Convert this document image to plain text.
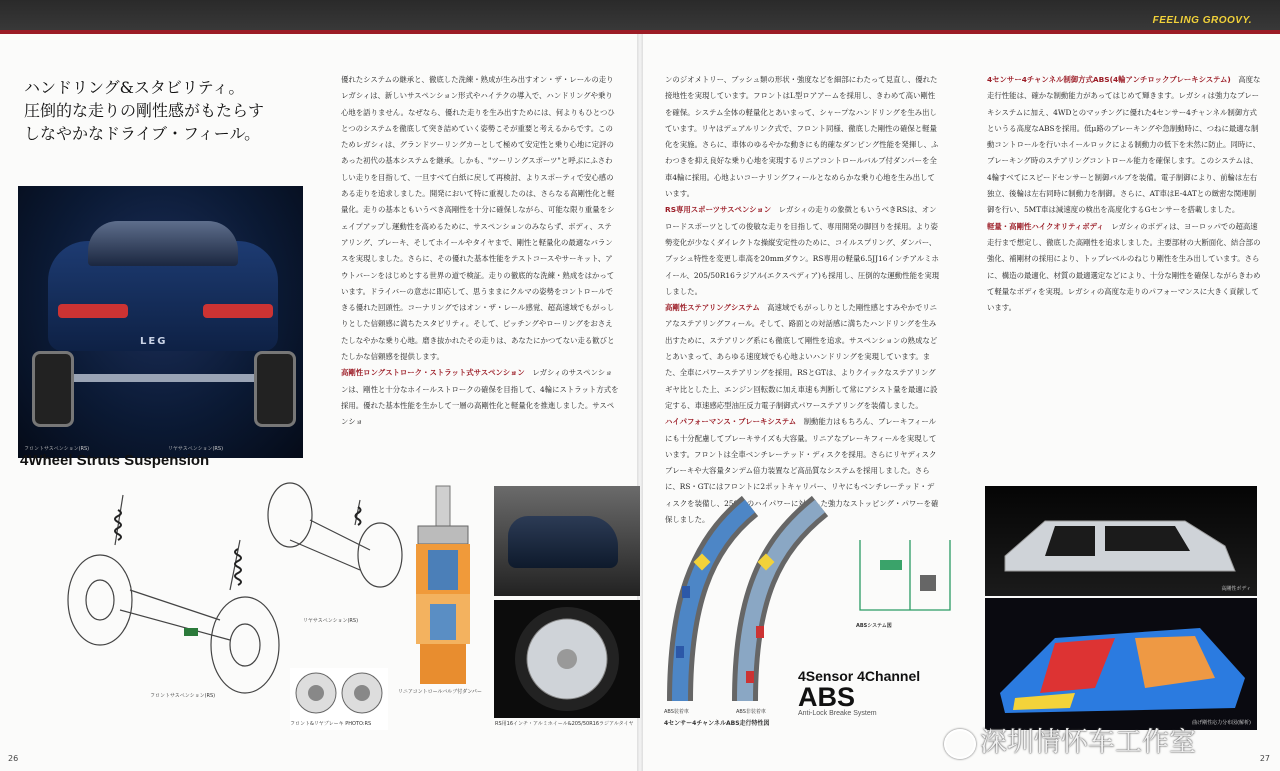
FEELING GROOVY.
ハンドリング&スタビリティ。
圧倒的な走りの剛性感がもたらす
しなやかなドライブ・フィール。
LEG
フロントサスペンション(RS)	リヤサスペンション(RS)
4Wheel Struts Suspension

優れたシステムの継承と、徹底した洗練・熟成が生み出すオン・ザ・レールの走り レガシィは、新しいサスペンション形式やハイテクの導入で、ハンドリングや乗り心地を語りません。なぜなら、優れた走りを生み出すためには、何よりもひとつひとつのシステムを徹底して突き詰めていく姿勢こそが重要と考えるからです。このためレガシィは、グランドツーリングカーとして極めて安定性と乗り心地に定評のあった初代の基本システムを継承。しかも、"ツーリングスポーツ"と呼ぶにふさわしい走りを目指して、一旦すべて白紙に戻して再検討、よりスポーティで安心感のある走りを追求しました。開発において特に重視したのは、さらなる高剛性化と軽量化。走りの基本ともいうべき高剛性を十分に確保しながら、可能な限り重量をシェイプアップし運動性を高めるために、サスペンションのみならず、ボディ、ステアリング、ブレーキ、そしてホイールやタイヤまで、剛性と軽量化の最適なバランスを実現しました。さらに、その優れた基本性能をテストコースやサーキット、アウトバーンをはじめとする世界の道で検証。走りの徹底的な洗練・熟成をはかっています。ドライバーの意志に即応して、思うままにクルマの姿勢をコントロールできる優れた回頭性。コーナリングではオン・ザ・レール感覚、超高速域でもがっしりとした信頼感に満ちたスタビリティ。そして、ピッチングやローリングをおさえたしなやかな乗り心地。磨き抜かれたその走りは、あなたにかつてない走る歓びとたしかな信頼感を提供します。

高剛性ロングストローク・ストラット式サスペンション　 レガシィのサスペンションは、剛性と十分なホイールストロークの確保を目指して、4輪にストラット方式を採用。優れた基本性能を生かして一層の高剛性化と軽量化を推進しました。サスペンショ

リヤサスペンション(RS)
フロントサスペンション(RS)
フロント&リヤブレーキ PHOTO:RS
リニアコントロールバルブ付ダンパー
RS用16インチ・アルミホイール&205/50R16ラジアルタイヤ
26

ンのジオメトリー、ブッシュ類の形状・強度などを細部にわたって見直し、優れた接地性を実現しています。フロントはL型ロアアームを採用し、きわめて高い剛性を確保。システム全体の軽量化とあいまって、シャープなハンドリングを生み出しています。リヤはデュアルリンク式で、フロント同様、徹底した剛性の確保と軽量化を実施。さらに、車体のゆるやかな動きにも的確なダンピング性能を発揮し、ふわつきを抑え良好な乗り心地を実現するリニアコントロールバルブ付ダンパーを全車4輪に採用。心地よいコーナリングフィールとなめらかな乗り心地を生み出しています。

RS専用スポーツサスペンション　 レガシィの走りの象徴ともいうべきRSは、オンロードスポーツとしての俊敏な走りを目指して、専用開発の脚回りを採用。より姿勢変化が少なくダイレクトな操縦安定性のために、コイルスプリング、ダンパー、ブッシュ特性を変更し車高を20mmダウン。RS専用の軽量6.5JJ16インチアルミホイール、205/50R16ラジアル(エクスペディア)も採用し、圧倒的な運動性能を実現しました。

高剛性ステアリングシステム　 高速域でもがっしりとした剛性感とすみやかでリニアなステアリングフィール。そして、路面との対話感に満ちたハンドリングを生み出すために、ステアリング系にも徹底して剛性を追求。サスペンションの熟成などとあいまって、あらゆる速度域でも心地よいハンドリングを実現しています。また、全車にパワーステアリングを採用。RSとGTは、よりクイックなステアリングギヤ比とした上、エンジン回転数に加え車速も判断して常にアシスト量を最適に設定する、車速感応型油圧反力電子制御式パワーステアリングを装備しました。

ハイパフォーマンス・ブレーキシステム　 制動能力はもちろん、ブレーキフィールにも十分配慮してブレーキサイズも大容量。リニアなブレーキフィールを実現しています。フロントは全車ベンチレーテッド・ディスクを採用。さらにリヤディスクブレーキや大容量タンデム倍力装置など高品質なシステムを採用しました。さらに、RS・GTにはフロントに2ポットキャリパー、リヤにもベンチレーテッド・ディスクを装備し、250psのハイパワーに対応した強力なストッピング・パワーを確保しました。

4センサー4チャンネル制御方式ABS(4輪アンチロックブレーキシステム)　 高度な走行性能は、確かな制動能力があってはじめて輝きます。レガシィは強力なブレーキシステムに加え、4WDとのマッチングに優れた4センサー4チャンネル制御方式というる高度なABSを採用。低μ路のブレーキングや急制動時に、つねに最適な制動コントロールを行いホイールロックによる制動力の低下を未然に防止。同時に、ブレーキング時のステアリングコントロール能力を確保します。このシステムは、4輪すべてにスピードセンサーと制御バルブを装備。電子制御により、前輪は左右独立、後輪は左右同時に制動力を制御。さらに、AT車はE-4ATとの緻密な関連制御を行い、5MT車は減速度の検出を高度化するGセンサーを搭載しました。

軽量・高剛性ハイクオリティボディ　 レガシィのボディは、ヨーロッパでの超高速走行まで想定し、徹底した高剛性を追求しました。主要部材の大断面化、結合部の強化、補剛材の採用により、トップレベルのねじり剛性を生み出しています。さらに、構造の最適化、材質の最適選定などにより、十分な剛性を確保しながらきわめて軽量なボディを実現。レガシィの高度な走りのパフォーマンスに大きく貢献しています。

ABS装着車	ABS非装着車
4センサー4チャンネルABS走行特性図
ABSシステム図
4Sensor 4Channel
ABS
Anti-Lock Breake System
高剛性ボディ
曲げ剛性応力分布図(解析)
27
深圳情怀车工作室
